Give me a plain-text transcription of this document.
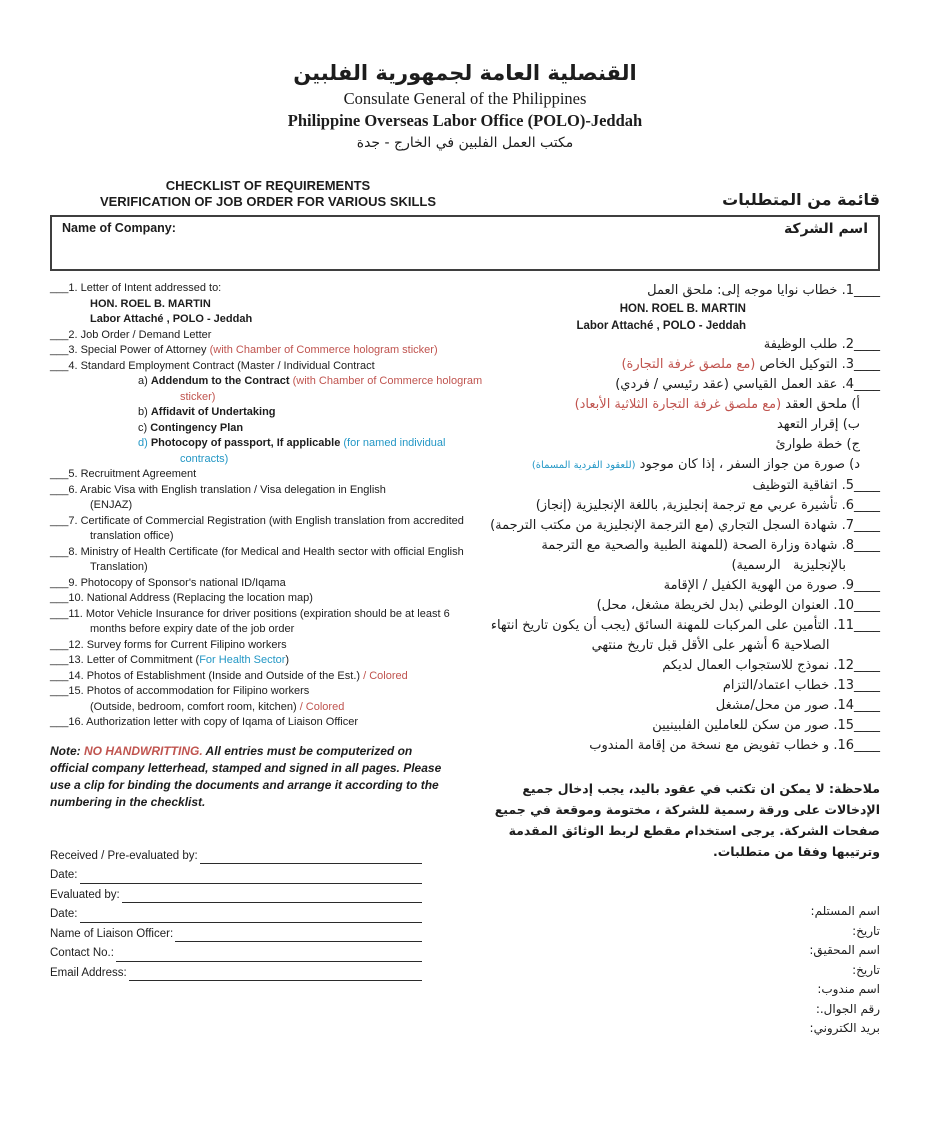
القنصلية العامة لجمهورية الفلبين
Consulate General of the Philippines
Philippine Overseas Labor Office (POLO)-Jeddah
مكتب العمل الفلبين في الخارج - جدة
CHECKLIST OF REQUIREMENTS
VERIFICATION OF JOB ORDER FOR VARIOUS SKILLS	قائمة من المتطلبات
Name of Company:	اسم الشركة
___1. Letter of Intent addressed to:
HON. ROEL B. MARTIN
Labor Attaché , POLO - Jeddah
___2. Job Order / Demand Letter
___3. Special Power of Attorney (with Chamber of Commerce hologram sticker)
___4. Standard Employment Contract (Master / Individual Contract
a) Addendum to the Contract (with Chamber of Commerce hologram sticker)
b) Affidavit of Undertaking
c) Contingency Plan
d) Photocopy of passport, If applicable (for named individual contracts)
___5. Recruitment Agreement
___6. Arabic Visa with English translation / Visa delegation in English
(ENJAZ)
___7. Certificate of Commercial Registration (with English translation from accredited translation office)
___8. Ministry of Health Certificate (for Medical and Health sector with official English Translation)
___9. Photocopy of Sponsor's national ID/Iqama
___10. National Address (Replacing the location map)
___11. Motor Vehicle Insurance for driver positions (expiration should be at least 6 months before expiry date of the job order
___12. Survey forms for Current Filipino workers
___13. Letter of Commitment (For Health Sector)
___14. Photos of Establishment (Inside and Outside of the Est.) / Colored
___15. Photos of accommodation for Filipino workers
(Outside, bedroom, comfort room, kitchen) / Colored
___16. Authorization letter with copy of Iqama of Liaison Officer
Note: NO HANDWRITTING. All entries must be computerized on official company letterhead, stamped and signed in all pages. Please use a clip for binding the documents and arrange it according to the numbering in the checklist.
Received / Pre-evaluated by:
Date:
Evaluated by:
Date:
Name of Liaison Officer:
Contact No.:
Email Address:
____1. خطاب نوايا موجه إلى: ملحق العمل
HON. ROEL B. MARTIN
Labor Attaché , POLO - Jeddah
____2. طلب الوظيفة
____3. التوكيل الخاص (مع ملصق غرفة التجارة)
____4. عقد العمل القياسي (عقد رئيسي / فردي)
أ) ملحق العقد (مع ملصق غرفة التجارة الثلاثية الأبعاد)
ب) إقرار التعهد
ج) خطة طوارئ
د) صورة من جواز السفر ، إذا كان موجود (للعقود الفردية المسماة)
____5. اتفاقية التوظيف
____6. تأشيرة عربي مع ترجمة إنجليزية, باللغة الإنجليزية (إنجاز)
____7. شهادة السجل التجاري (مع الترجمة الإنجليزية من مكتب الترجمة)
____8. شهادة وزارة الصحة (للمهنة الطبية والصحية مع الترجمة بالإنجليزية   الرسمية)
____9. صورة من الهوية الكفيل / الإقامة
____10. العنوان الوطني (بدل لخريطة مشغل، محل)
____11. التأمين على المركبات للمهنة السائق (يجب أن يكون تاريخ انتهاء     الصلاحية 6 أشهر على الأقل قبل تاريخ منتهي
____12. نموذج للاستجواب العمال لديكم
____13. خطاب اعتماد/التزام
____14. صور من محل/مشغل
____15. صور من سكن للعاملين الفلبينيين
____16. و خطاب تفويض مع نسخة من إقامة المندوب
ملاحظة: لا يمكن ان تكتب في عقود باليد، يجب إدخال جميع الإدخالات على ورقة رسمية للشركة ، مختومة وموقعة في جميع صفحات الشركة. يرجى استخدام مقطع لربط الوثائق المقدمة وترتيبها وفقا من متطلبات.
اسم المستلم:
تاريخ:
اسم المحقيق:
تاريخ:
اسم مندوب:
رقم الجوال.:
بريد الكتروني:
